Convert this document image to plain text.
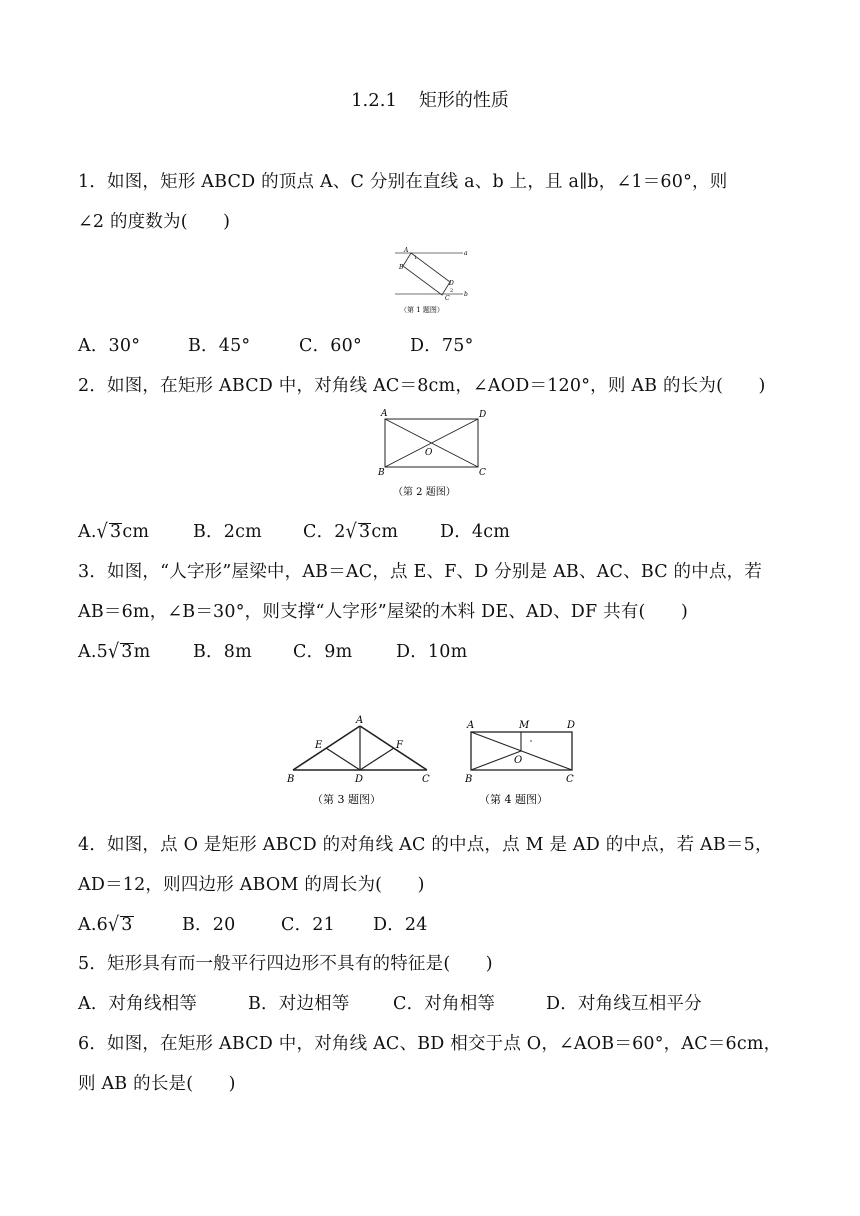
1.2.1 矩形的性质
1．如图，矩形 ABCD 的顶点 A、C 分别在直线 a、b 上，且 a∥b，∠1＝60°，则
∠2 的度数为(　　)
A
B
D
C
a
b
1
2
（第 1 题图）
A．30°	B．45°	C．60°	D．75°
2．如图，在矩形 ABCD 中，对角线 AC＝8cm，∠AOD＝120°，则 AB 的长为(　　)
A	D
B	C
O
（第 2 题图）
A.√ 3cm	B．2cm C．2√ 3cm D．4cm
3．如图，“人字形”屋梁中，AB＝AC，点 E、F、D 分别是 AB、AC、BC 的中点，若
AB＝6m，∠B＝30°，则支撑“人字形”屋梁的木料 DE、AD、DF 共有(　　)
A.5√ 3m B．8m C．9m D．10m
A
E	F
B	D	C
（第 3 题图）
A	M	D
B
O
C
（第 4 题图）
4．如图，点 O 是矩形 ABCD 的对角线 AC 的中点，点 M 是 AD 的中点，若 AB＝5，
AD＝12，则四边形 ABOM 的周长为(　　)
A.6√ 3	B．20	C．21 D．24
5．矩形具有而一般平行四边形不具有的特征是(　　)
A．对角线相等	B．对边相等 C．对角相等	D．对角线互相平分
6．如图，在矩形 ABCD 中，对角线 AC、BD 相交于点 O，∠AOB＝60°，AC＝6cm，
则 AB 的长是(　　)
